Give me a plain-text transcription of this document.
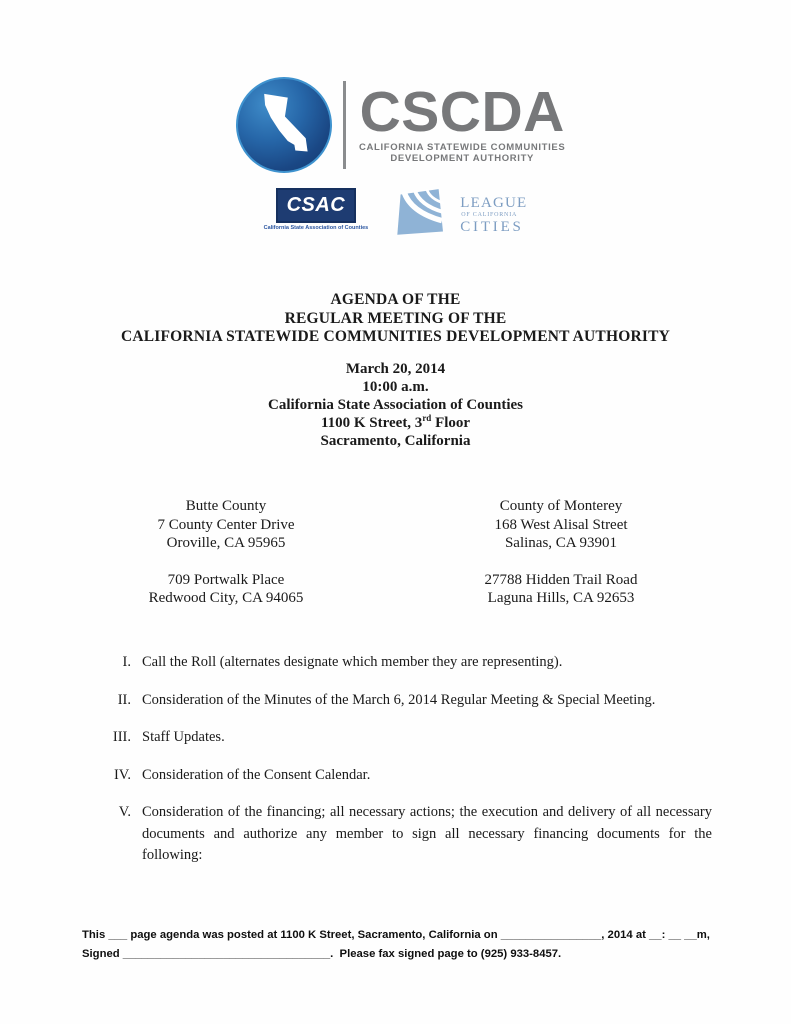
CSCDA
CALIFORNIA STATEWIDE COMMUNITIES
DEVELOPMENT AUTHORITY
CSAC
California State Association of Counties
LEAGUE
OF CALIFORNIA
CITIES
AGENDA OF THE
REGULAR MEETING OF THE
CALIFORNIA STATEWIDE COMMUNITIES DEVELOPMENT AUTHORITY
March 20, 2014
10:00 a.m.
California State Association of Counties
1100 K Street, 3rd Floor
Sacramento, California
Butte County
7 County Center Drive
Oroville, CA 95965
709 Portwalk Place
Redwood City, CA 94065
County of Monterey
168 West Alisal Street
Salinas, CA 93901
27788 Hidden Trail Road
Laguna Hills, CA 92653
I. Call the Roll (alternates designate which member they are representing).
II. Consideration of the Minutes of the March 6, 2014 Regular Meeting & Special Meeting.
III. Staff Updates.
IV. Consideration of the Consent Calendar.
V. Consideration of the financing; all necessary actions; the execution and delivery of all necessary documents and authorize any member to sign all necessary financing documents for the following:
This ___ page agenda was posted at 1100 K Street, Sacramento, California on ________________, 2014 at __: __ __m,
Signed _________________________________.  Please fax signed page to (925) 933-8457.
